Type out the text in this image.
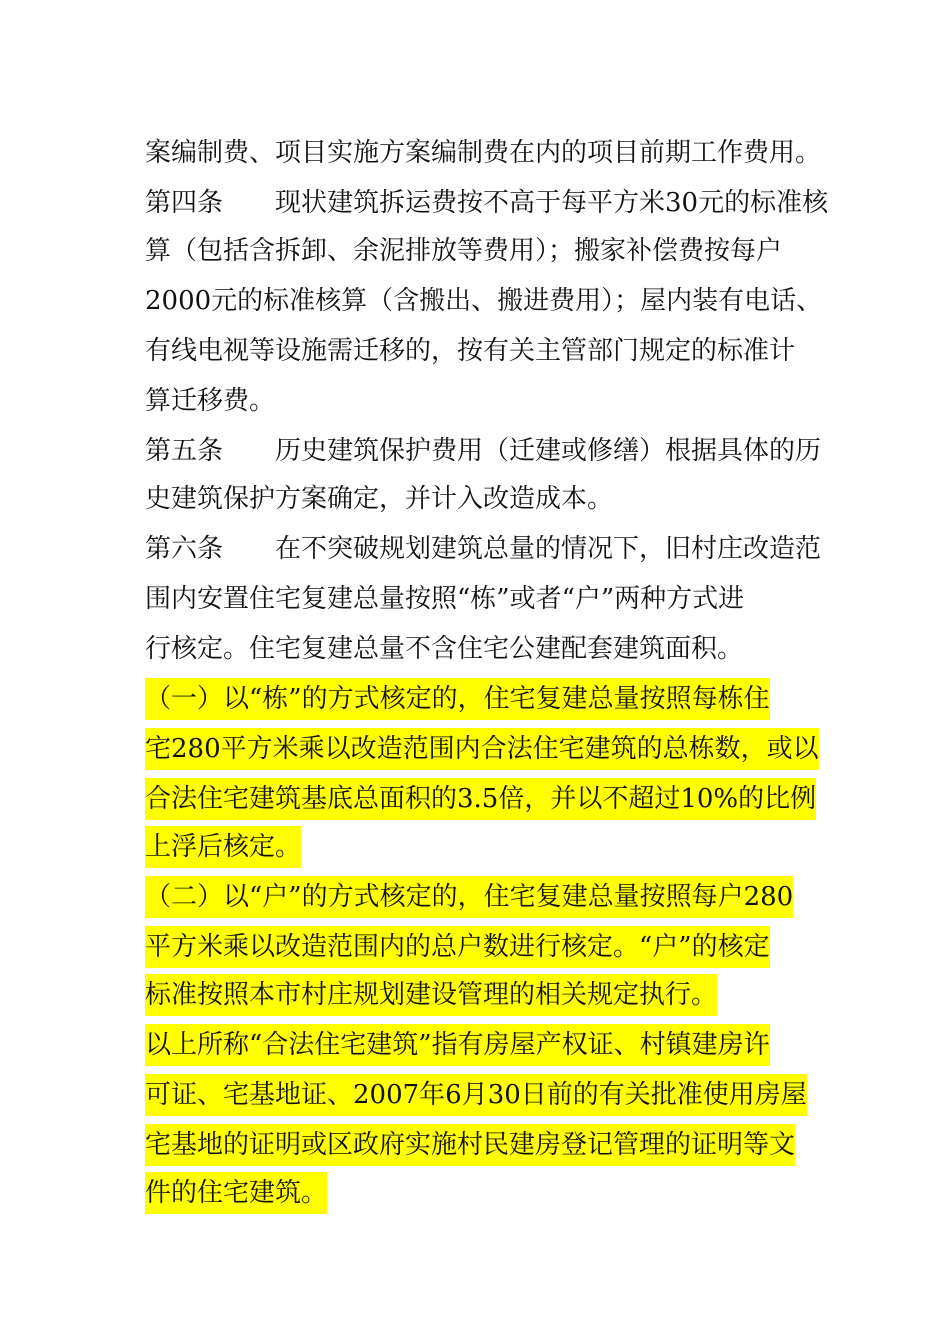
案编制费、项目实施方案编制费在内的项目前期工作费用。
第四条　　现状建筑拆运费按不高于每平方米30元的标准核
算（包括含拆卸、余泥排放等费用）；搬家补偿费按每户
2000元的标准核算（含搬出、搬进费用）；屋内装有电话、
有线电视等设施需迁移的，按有关主管部门规定的标准计
算迁移费。
第五条　　历史建筑保护费用（迁建或修缮）根据具体的历
史建筑保护方案确定，并计入改造成本。
第六条　　在不突破规划建筑总量的情况下，旧村庄改造范
围内安置住宅复建总量按照“栋”或者“户”两种方式进
行核定。住宅复建总量不含住宅公建配套建筑面积。
（一）以“栋”的方式核定的，住宅复建总量按照每栋住
宅280平方米乘以改造范围内合法住宅建筑的总栋数，或以
合法住宅建筑基底总面积的3.5倍，并以不超过10%的比例
上浮后核定。
（二）以“户”的方式核定的，住宅复建总量按照每户280
平方米乘以改造范围内的总户数进行核定。“户”的核定
标准按照本市村庄规划建设管理的相关规定执行。
以上所称“合法住宅建筑”指有房屋产权证、村镇建房许
可证、宅基地证、2007年6月30日前的有关批准使用房屋
宅基地的证明或区政府实施村民建房登记管理的证明等文
件的住宅建筑。
